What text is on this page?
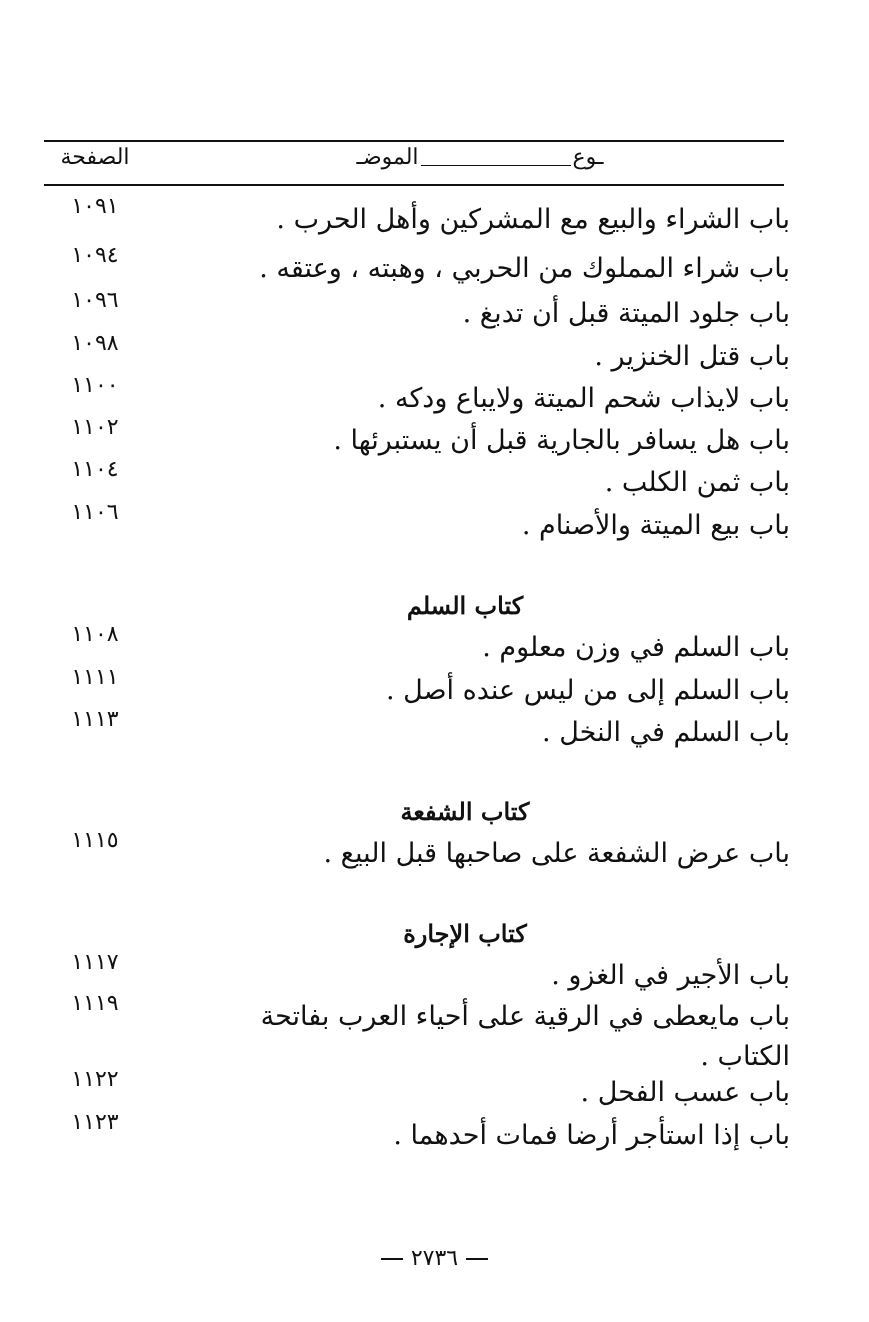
ـوعالموضـ
الصفحة
باب الشراء والبيع مع المشركين وأهل الحرب .
١٠٩١
باب شراء المملوك من الحربي ، وهبته ، وعتقه .
١٠٩٤
باب جلود الميتة قبل أن تدبغ .
١٠٩٦
باب قتل الخنزير .
١٠٩٨
باب لايذاب شحم الميتة ولايباع ودكه .
١١٠٠
باب هل يسافر بالجارية قبل أن يستبرئها .
١١٠٢
باب ثمن الكلب .
١١٠٤
باب بيع الميتة والأصنام .
١١٠٦
كتاب السلم
باب السلم في وزن معلوم .
١١٠٨
باب السلم إلى من ليس عنده أصل .
١١١١
باب السلم في النخل .
١١١٣
كتاب الشفعة
باب عرض الشفعة على صاحبها قبل البيع .
١١١٥
كتاب الإجارة
باب الأجير في الغزو .
١١١٧
باب مايعطى في الرقية على أحياء العرب بفاتحة
الكتاب .
١١١٩
باب عسب الفحل .
١١٢٢
باب إذا استأجر أرضا فمات أحدهما .
١١٢٣
٢٧٣٦
